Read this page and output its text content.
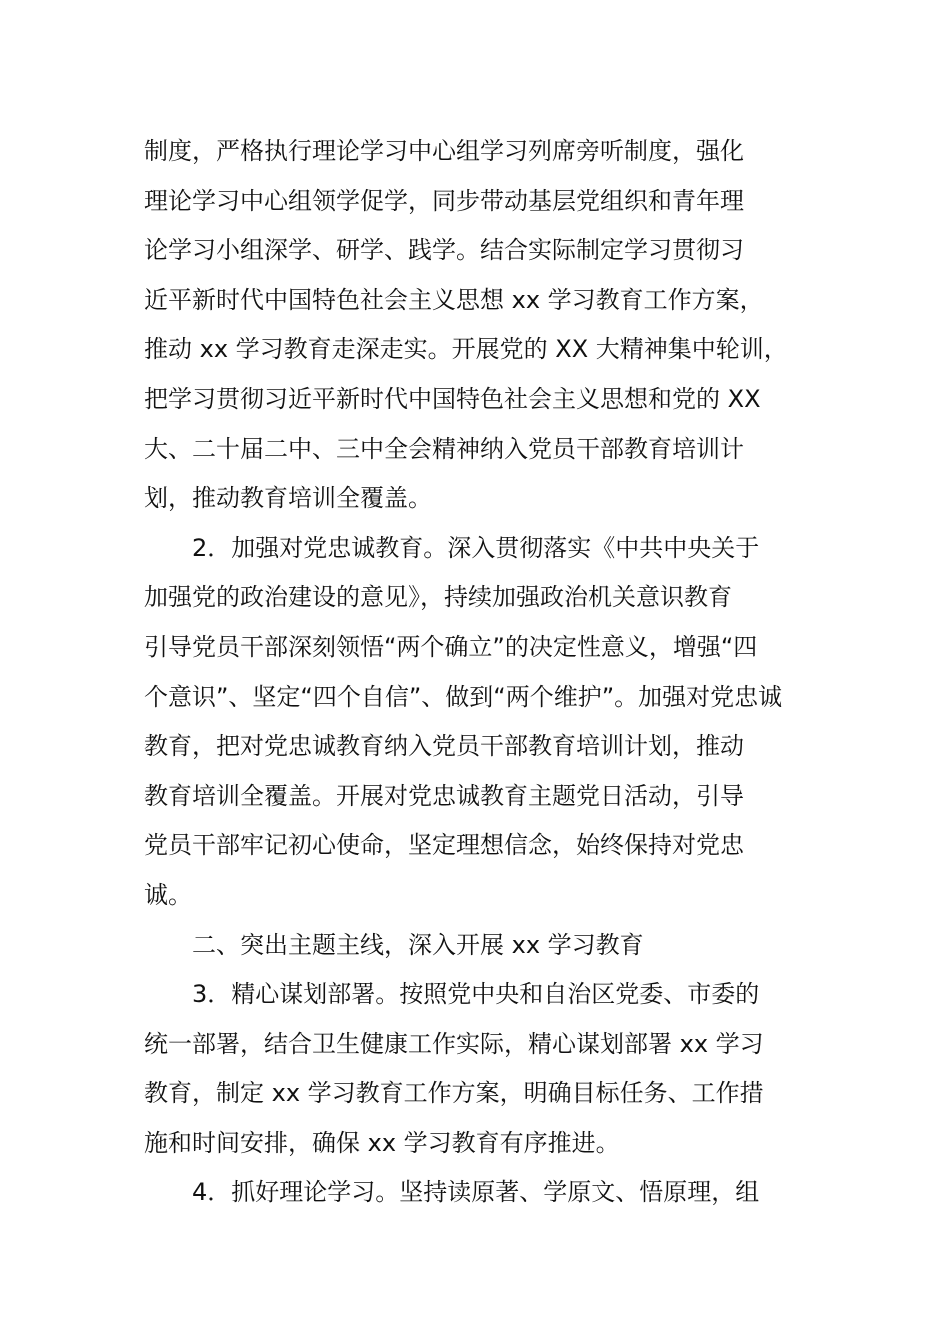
制度，严格执行理论学习中心组学习列席旁听制度，强化
理论学习中心组领学促学，同步带动基层党组织和青年理
论学习小组深学、研学、践学。结合实际制定学习贯彻习
近平新时代中国特色社会主义思想 xx 学习教育工作方案，
推动 xx 学习教育走深走实。开展党的 XX 大精神集中轮训，
把学习贯彻习近平新时代中国特色社会主义思想和党的 XX
大、二十届二中、三中全会精神纳入党员干部教育培训计
划，推动教育培训全覆盖。
2．加强对党忠诚教育。深入贯彻落实《中共中央关于
加强党的政治建设的意见》，持续加强政治机关意识教育
引导党员干部深刻领悟“两个确立”的决定性意义，增强“四
个意识”、坚定“四个自信”、做到“两个维护”。加强对党忠诚
教育，把对党忠诚教育纳入党员干部教育培训计划，推动
教育培训全覆盖。开展对党忠诚教育主题党日活动，引导
党员干部牢记初心使命，坚定理想信念，始终保持对党忠
诚。
二、突出主题主线，深入开展 xx 学习教育
3．精心谋划部署。按照党中央和自治区党委、市委的
统一部署，结合卫生健康工作实际，精心谋划部署 xx 学习
教育，制定 xx 学习教育工作方案，明确目标任务、工作措
施和时间安排，确保 xx 学习教育有序推进。
4．抓好理论学习。坚持读原著、学原文、悟原理，组
